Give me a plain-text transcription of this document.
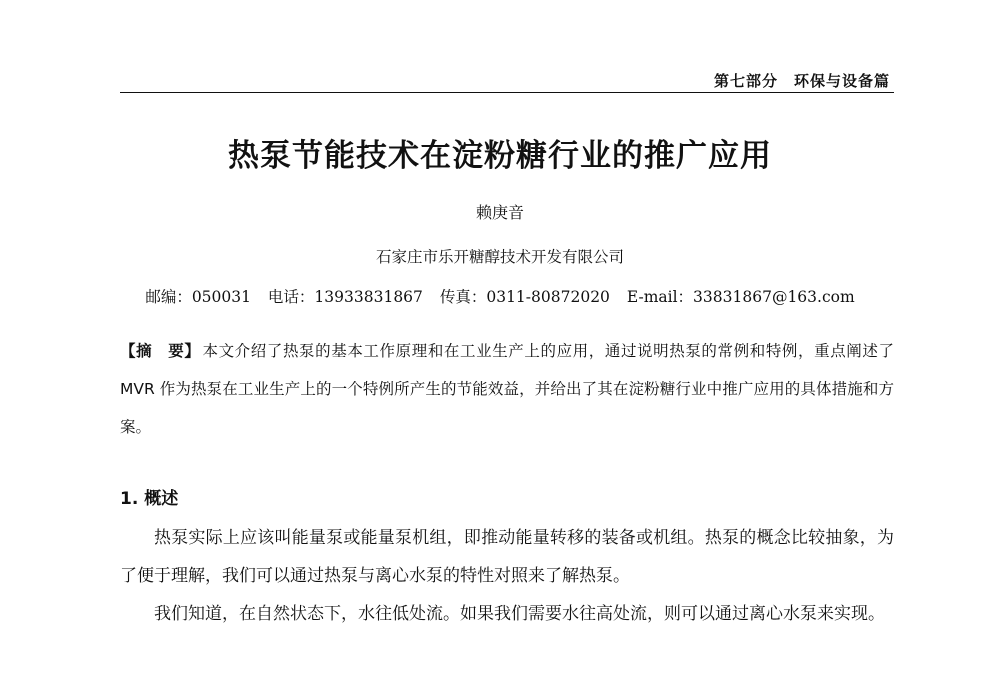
第七部分　环保与设备篇
热泵节能技术在淀粉糖行业的推广应用
赖庚音
石家庄市乐开糖醇技术开发有限公司
邮编：050031 电话：13933831867 传真：0311-80872020 E-mail：33831867@163.com
【摘　要】 本文介绍了热泵的基本工作原理和在工业生产上的应用，通过说明热泵的常例和特例，重点阐述了 MVR 作为热泵在工业生产上的一个特例所产生的节能效益，并给出了其在淀粉糖行业中推广应用的具体措施和方案。
1. 概述
热泵实际上应该叫能量泵或能量泵机组，即推动能量转移的装备或机组。热泵的概念比较抽象，为了便于理解，我们可以通过热泵与离心水泵的特性对照来了解热泵。
我们知道，在自然状态下，水往低处流。如果我们需要水往高处流，则可以通过离心水泵来实现。
